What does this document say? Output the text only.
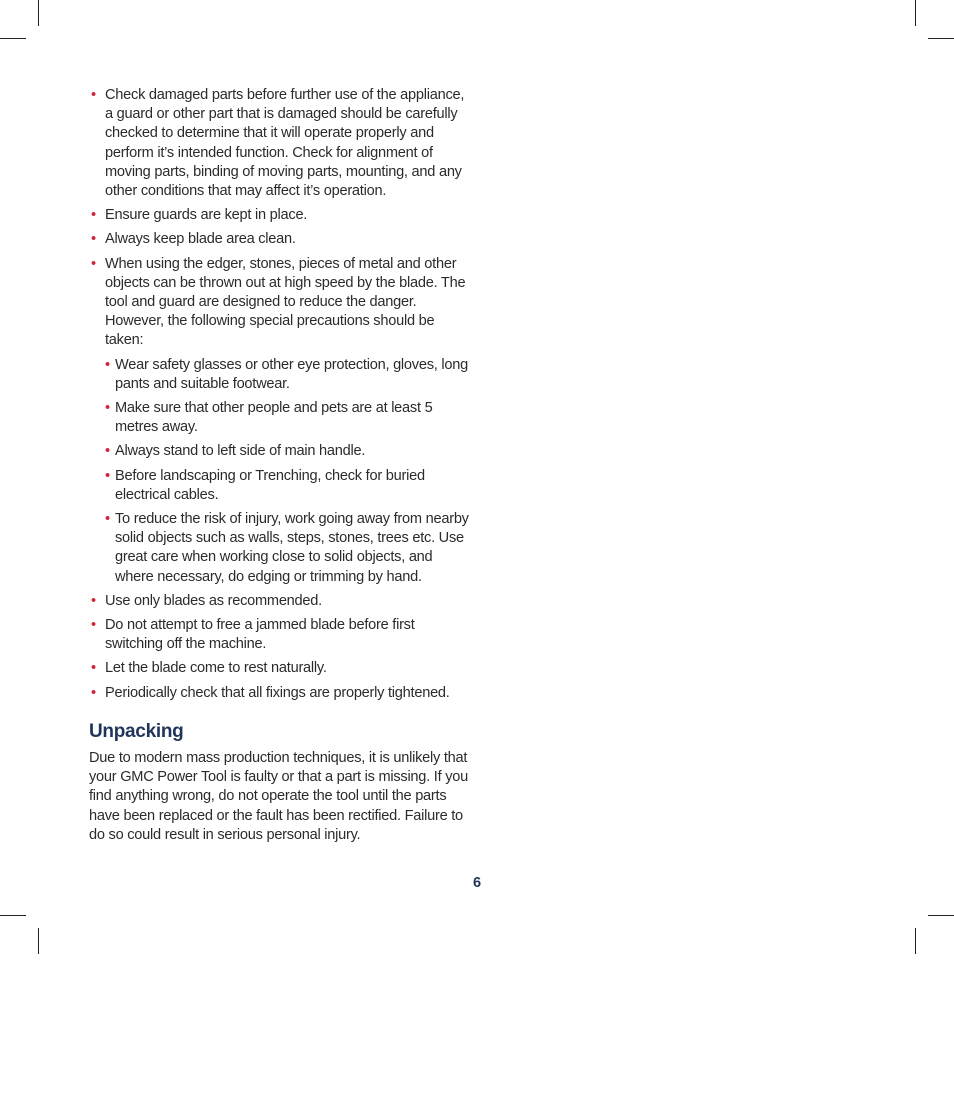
• Check damaged parts before further use of the appliance, a guard or other part that is damaged should be carefully checked to determine that it will operate properly and perform it’s intended function. Check for alignment of moving parts, binding of moving parts, mounting, and any other conditions that may affect it’s operation.
• Ensure guards are kept in place.
• Always keep blade area clean.
• When using the edger, stones, pieces of metal and other objects can be thrown out at high speed by the blade. The tool and guard are designed to reduce the danger. However, the following special precautions should be taken:
• Wear safety glasses or other eye protection, gloves, long pants and suitable footwear.
• Make sure that other people and pets are at least 5 metres away.
• Always stand to left side of main handle.
• Before landscaping or Trenching, check for buried electrical cables.
• To reduce the risk of injury, work going away from nearby solid objects such as walls, steps, stones, trees etc. Use great care when working close to solid objects, and where necessary, do edging or trimming by hand.
• Use only blades as recommended.
• Do not attempt to free a jammed blade before first switching off the machine.
• Let the blade come to rest naturally.
• Periodically check that all fixings are properly tightened.
Unpacking

Due to modern mass production techniques, it is unlikely that your GMC Power Tool is faulty or that a part is missing. If you find anything wrong, do not operate the tool until the parts have been replaced or the fault has been rectified. Failure to do so could result in serious personal injury.

6
